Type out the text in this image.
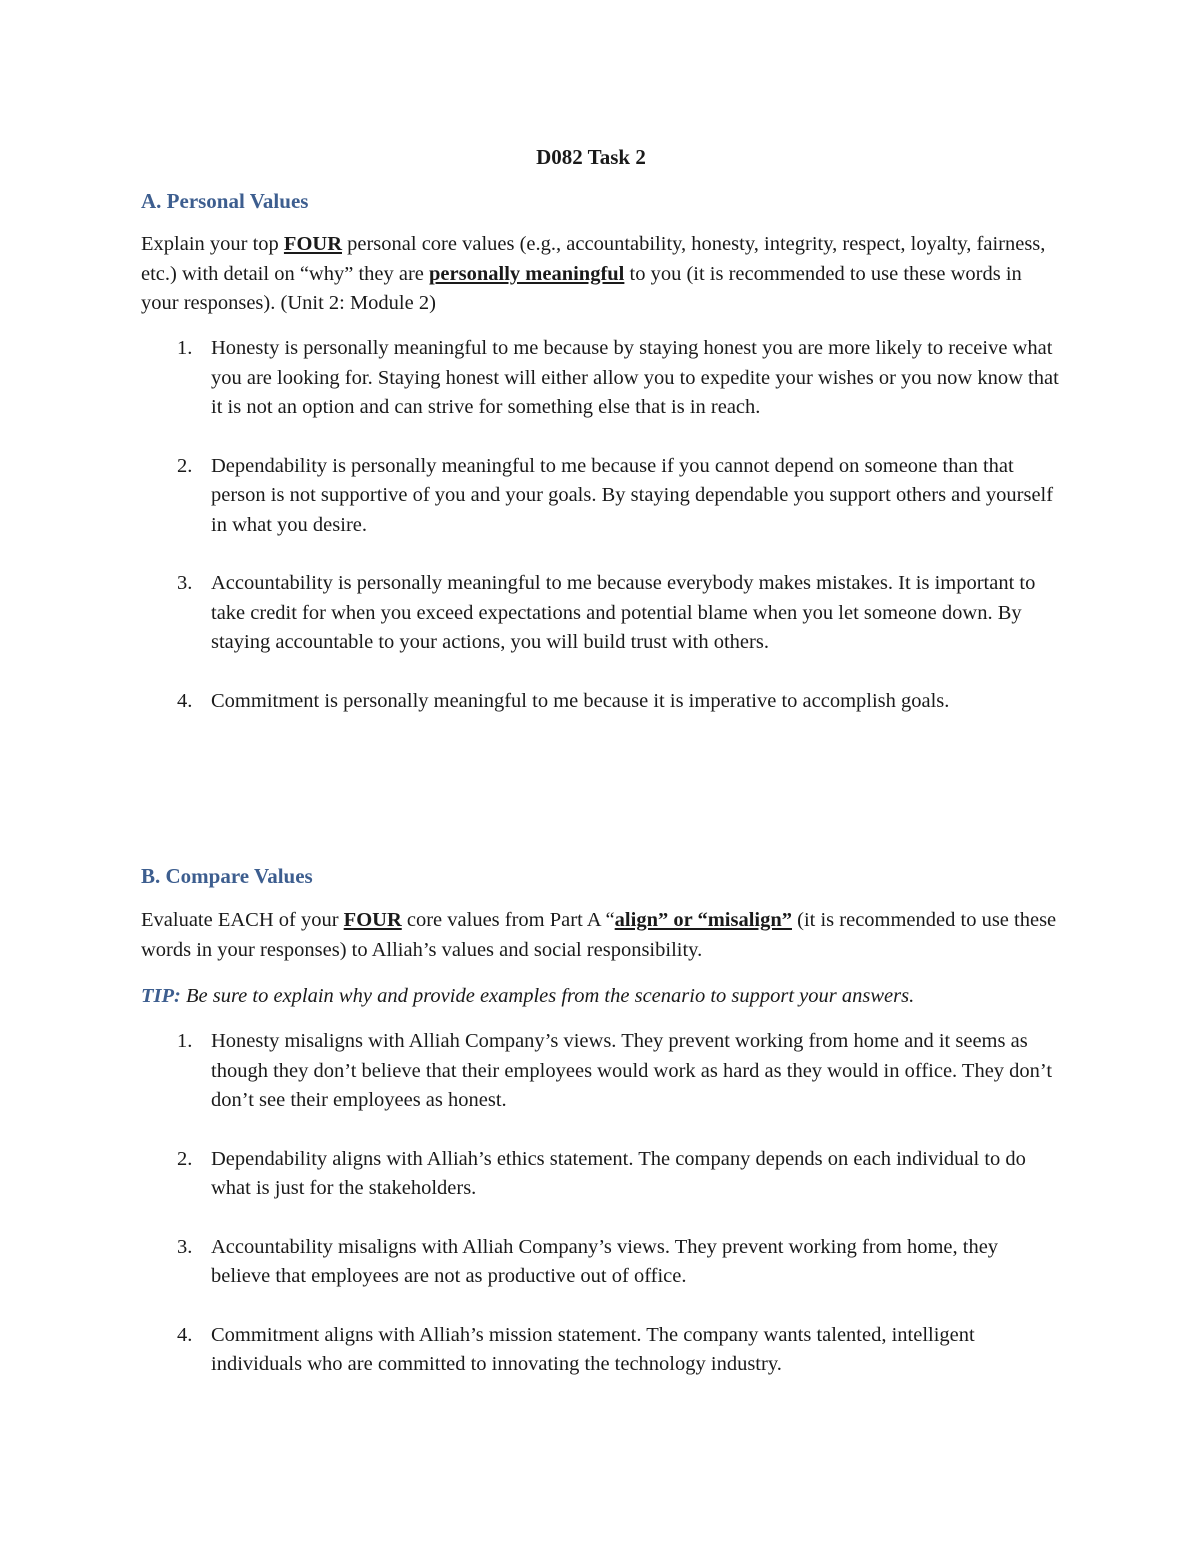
D082 Task 2
A. Personal Values

Explain your top FOUR personal core values (e.g., accountability, honesty, integrity, respect, loyalty, fairness, etc.) with detail on “why” they are personally meaningful to you (it is recommended to use these words in your responses). (Unit 2: Module 2)

1. Honesty is personally meaningful to me because by staying honest you are more likely to receive what you are looking for. Staying honest will either allow you to expedite your wishes or you now know that it is not an option and can strive for something else that is in reach.
2. Dependability is personally meaningful to me because if you cannot depend on someone than that person is not supportive of you and your goals. By staying dependable you support others and yourself in what you desire.
3. Accountability is personally meaningful to me because everybody makes mistakes. It is important to take credit for when you exceed expectations and potential blame when you let someone down. By staying accountable to your actions, you will build trust with others.
4. Commitment is personally meaningful to me because it is imperative to accomplish goals.
B. Compare Values

Evaluate EACH of your FOUR core values from Part A “align” or “misalign” (it is recommended to use these words in your responses) to Alliah’s values and social responsibility.

TIP: Be sure to explain why and provide examples from the scenario to support your answers.

1. Honesty misaligns with Alliah Company’s views. They prevent working from home and it seems as though they don’t believe that their employees would work as hard as they would in office. They don’t don’t see their employees as honest.
2. Dependability aligns with Alliah’s ethics statement. The company depends on each individual to do what is just for the stakeholders.
3. Accountability misaligns with Alliah Company’s views. They prevent working from home, they believe that employees are not as productive out of office.
4. Commitment aligns with Alliah’s mission statement. The company wants talented, intelligent individuals who are committed to innovating the technology industry.
